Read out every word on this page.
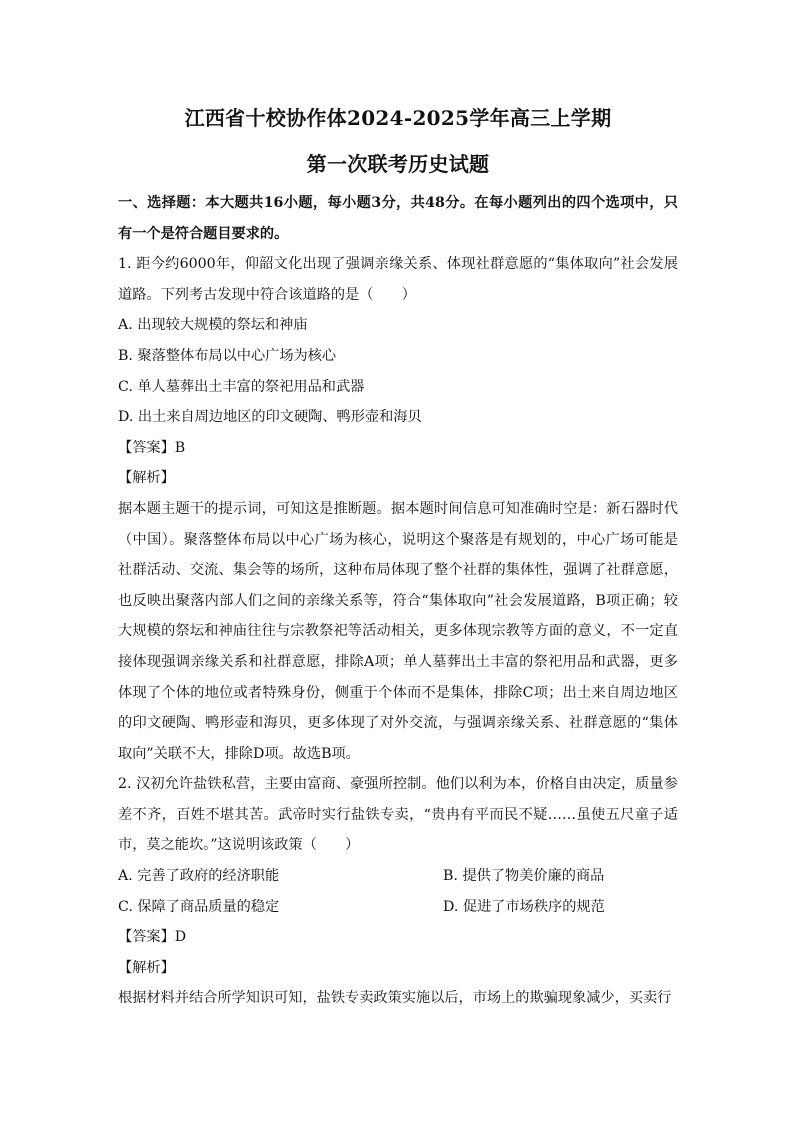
江西省十校协作体2024-2025学年高三上学期
第一次联考历史试题

一、选择题：本大题共16小题，每小题3分，共48分。在每小题列出的四个选项中，只有一个是符合题目要求的。

1. 距今约6000年，仰韶文化出现了强调亲缘关系、体现社群意愿的“集体取向”社会发展道路。下列考古发现中符合该道路的是（　　）

A. 出现较大规模的祭坛和神庙

B. 聚落整体布局以中心广场为核心

C. 单人墓葬出土丰富的祭祀用品和武器

D. 出土来自周边地区的印文硬陶、鸭形壶和海贝

【答案】B

【解析】

据本题主题干的提示词，可知这是推断题。据本题时间信息可知准确时空是：新石器时代（中国）。聚落整体布局以中心广场为核心，说明这个聚落是有规划的，中心广场可能是社群活动、交流、集会等的场所，这种布局体现了整个社群的集体性，强调了社群意愿，也反映出聚落内部人们之间的亲缘关系等，符合“集体取向”社会发展道路，B项正确；较大规模的祭坛和神庙往往与宗教祭祀等活动相关，更多体现宗教等方面的意义，不一定直接体现强调亲缘关系和社群意愿，排除A项；单人墓葬出土丰富的祭祀用品和武器，更多体现了个体的地位或者特殊身份，侧重于个体而不是集体，排除C项；出土来自周边地区的印文硬陶、鸭形壶和海贝，更多体现了对外交流，与强调亲缘关系、社群意愿的“集体取向”关联不大，排除D项。故选B项。

2. 汉初允许盐铁私营，主要由富商、豪强所控制。他们以利为本，价格自由决定，质量参差不齐，百姓不堪其苦。武帝时实行盐铁专卖，“贵冉有平而民不疑……虽使五尺童子适市，莫之能坎。”这说明该政策（　　）

A. 完善了政府的经济职能	B. 提供了物美价廉的商品
C. 保障了商品质量的稳定	D. 促进了市场秩序的规范

【答案】D

【解析】

根据材料并结合所学知识可知，盐铁专卖政策实施以后，市场上的欺骗现象减少，买卖行
